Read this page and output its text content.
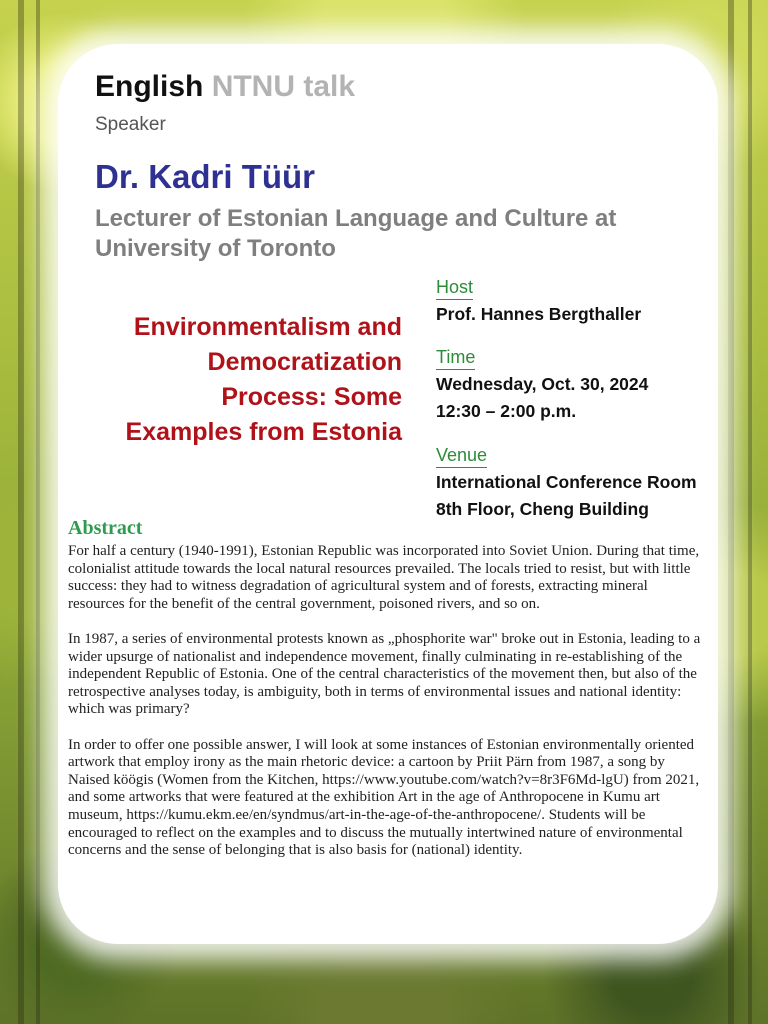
English NTNU talk
Speaker
Dr. Kadri Tüür
Lecturer of Estonian Language and Culture at
University of Toronto
Environmentalism and
Democratization
Process: Some
Examples from Estonia
Host
Prof. Hannes Bergthaller
Time
Wednesday, Oct. 30, 2024
12:30 – 2:00 p.m.
Venue
International Conference Room
8th Floor, Cheng Building
Abstract

For half a century (1940-1991), Estonian Republic was incorporated into Soviet Union. During that time, colonialist attitude towards the local natural resources prevailed. The locals tried to resist, but with little success: they had to witness degradation of agricultural system and of forests, extracting mineral resources for the benefit of the central government, poisoned rivers, and so on.

In 1987, a series of environmental protests known as „phosphorite war" broke out in Estonia, leading to a wider upsurge of nationalist and independence movement, finally culminating in re-establishing of the independent Republic of Estonia. One of the central characteristics of the movement then, but also of the retrospective analyses today, is ambiguity, both in terms of environmental issues and national identity: which was primary?

In order to offer one possible answer, I will look at some instances of Estonian environmentally oriented artwork that employ irony as the main rhetoric device: a cartoon by Priit Pärn from 1987, a song by Naised köögis (Women from the Kitchen, https://www.youtube.com/watch?v=8r3F6Md-lgU) from 2021, and some artworks that were featured at the exhibition Art in the age of Anthropocene in Kumu art museum, https://kumu.ekm.ee/en/syndmus/art-in-the-age-of-the-anthropocene/. Students will be encouraged to reflect on the examples and to discuss the mutually intertwined nature of environmental concerns and the sense of belonging that is also basis for (national) identity.
